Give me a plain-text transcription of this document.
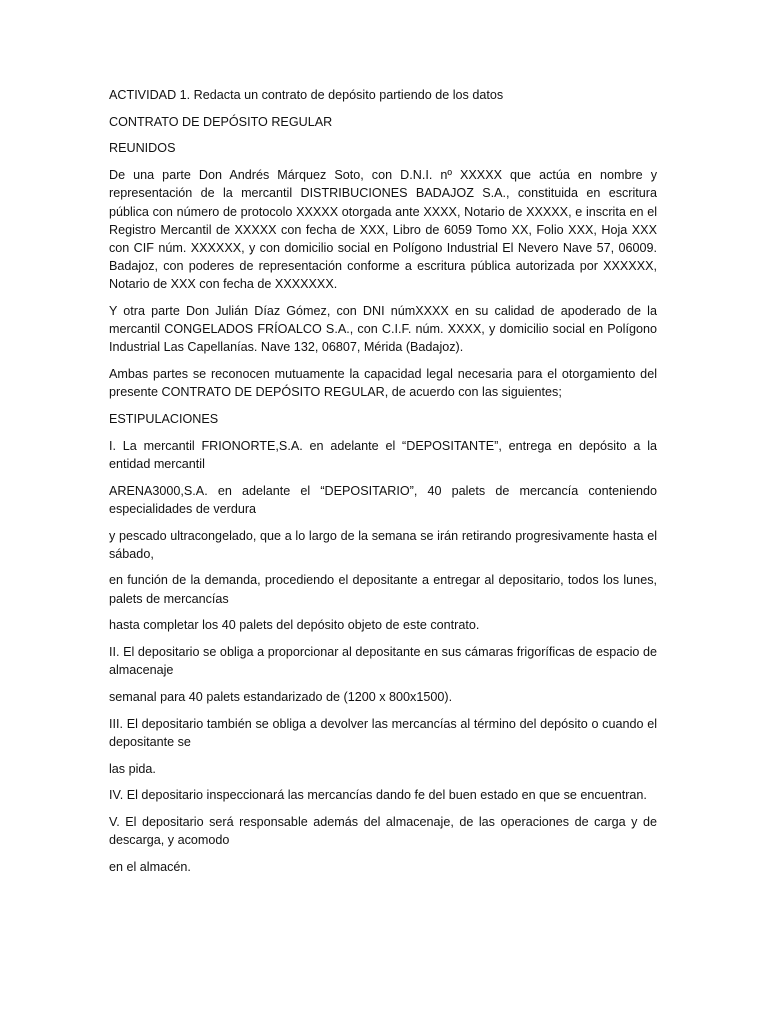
ACTIVIDAD 1. Redacta un contrato de depósito partiendo de los datos

CONTRATO DE DEPÓSITO REGULAR

REUNIDOS

De una parte Don Andrés Márquez Soto, con D.N.I. nº XXXXX que actúa en nombre y representación de la mercantil DISTRIBUCIONES BADAJOZ S.A., constituida en escritura pública con número de protocolo XXXXX otorgada ante XXXX, Notario de XXXXX, e inscrita en el Registro Mercantil de XXXXX con fecha de XXX, Libro de 6059 Tomo XX, Folio XXX, Hoja XXX con CIF núm. XXXXXX, y con domicilio social en Polígono Industrial El Nevero Nave 57, 06009. Badajoz, con poderes de representación conforme a escritura pública autorizada por XXXXXX, Notario de XXX con fecha de XXXXXXX.

Y otra parte Don Julián Díaz Gómez, con DNI númXXXX en su calidad de apoderado de la mercantil CONGELADOS FRÍOALCO S.A., con C.I.F. núm. XXXX, y domicilio social en Polígono Industrial Las Capellanías. Nave 132, 06807, Mérida (Badajoz).

Ambas partes se reconocen mutuamente la capacidad legal necesaria para el otorgamiento del presente CONTRATO DE DEPÓSITO REGULAR, de acuerdo con las siguientes;

ESTIPULACIONES

I. La mercantil FRIONORTE,S.A. en adelante el “DEPOSITANTE”, entrega en depósito a la entidad mercantil

ARENA3000,S.A. en adelante el “DEPOSITARIO”, 40 palets de mercancía conteniendo especialidades de verdura

y pescado ultracongelado, que a lo largo de la semana se irán retirando progresivamente hasta el sábado,

en función de la demanda, procediendo el depositante a entregar al depositario, todos los lunes, palets de mercancías

hasta completar los 40 palets del depósito objeto de este contrato.

II. El depositario se obliga a proporcionar al depositante en sus cámaras frigoríficas de espacio de almacenaje

semanal para 40 palets estandarizado de (1200 x 800x1500).

III. El depositario también se obliga a devolver las mercancías al término del depósito o cuando el depositante se

las pida.

IV. El depositario inspeccionará las mercancías dando fe del buen estado en que se encuentran.

V. El depositario será responsable además del almacenaje, de las operaciones de carga y de descarga, y acomodo

en el almacén.
